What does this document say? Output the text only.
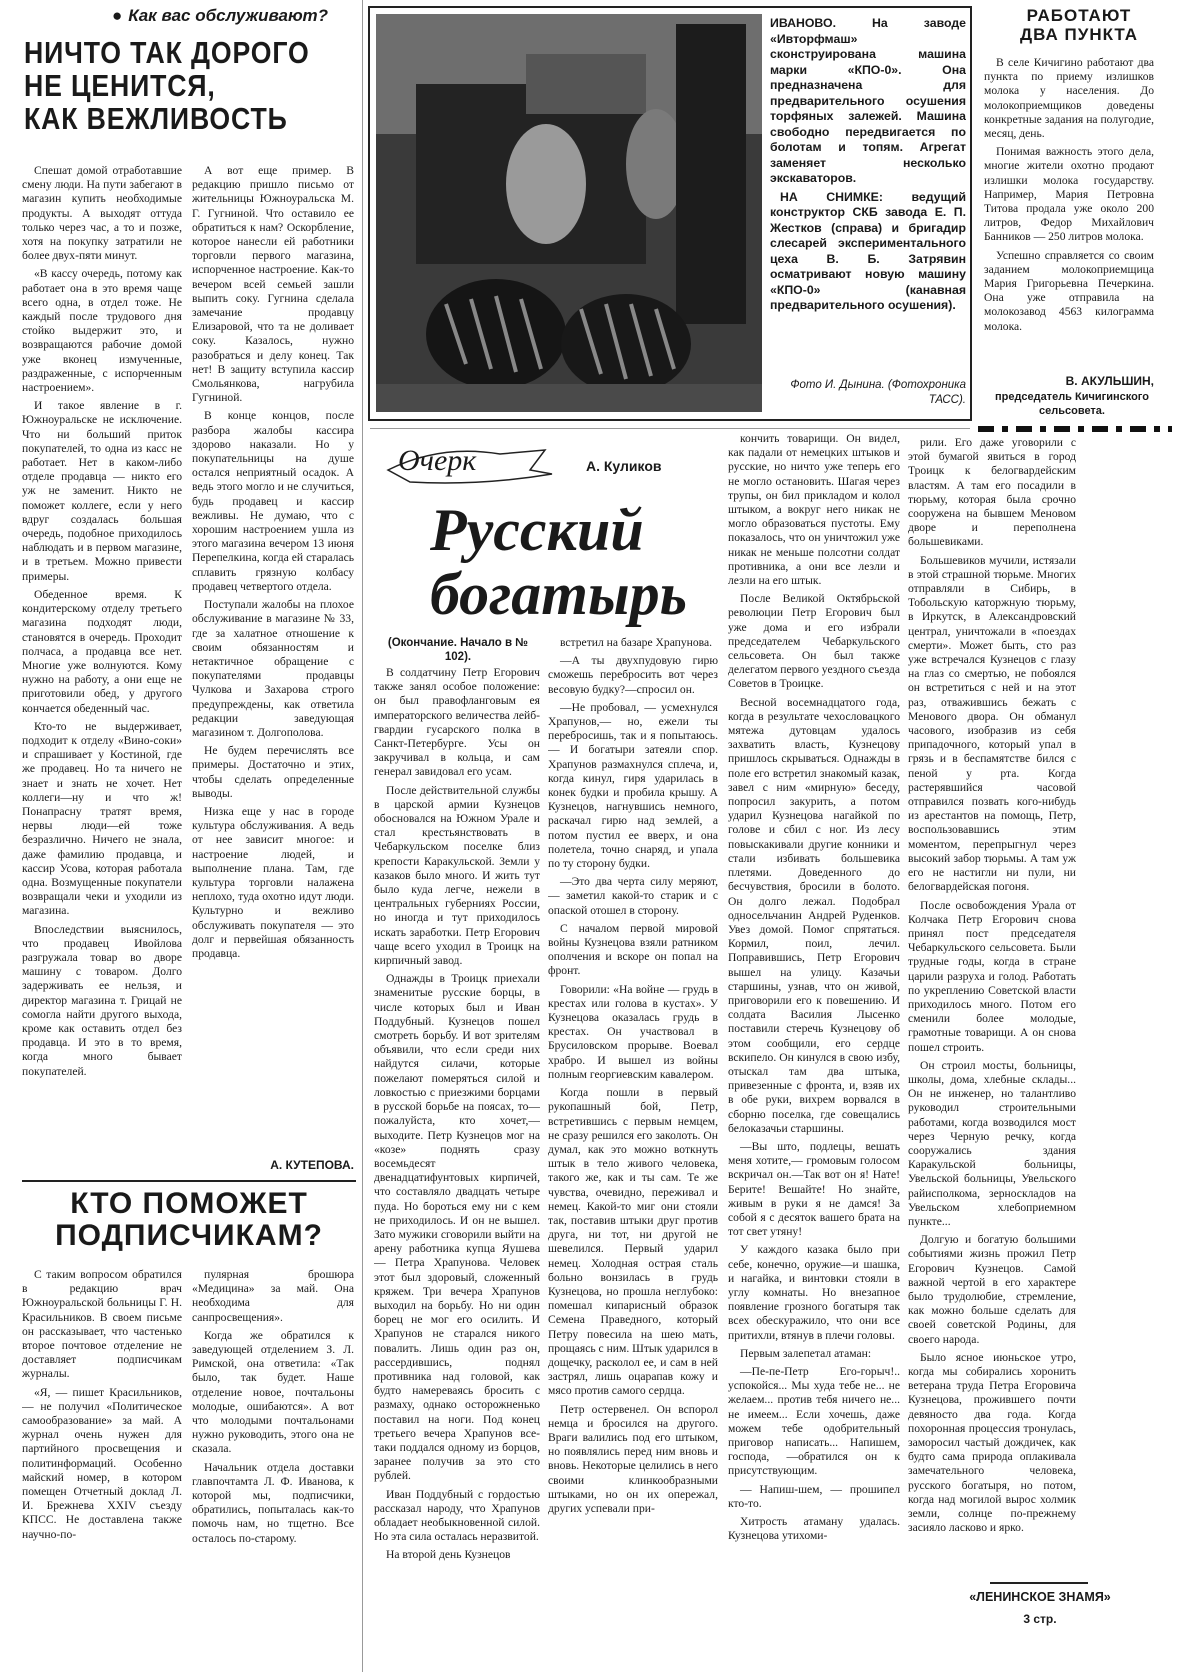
● Как вас обслуживают?
НИЧТО ТАК ДОРОГО
НЕ ЦЕНИТСЯ,
КАК ВЕЖЛИВОСТЬ

Спешат домой отработавшие смену люди. На пути забегают в магазин купить необходимые продукты. А выходят оттуда только через час, а то и позже, хотя на покупку затратили не более двух-пяти минут.

«В кассу очередь, потому как работает она в это время чаще всего одна, в отдел тоже. Не каждый после трудового дня стойко выдержит это, и возвращаются рабочие домой уже вконец измученные, раздраженные, с испорченным настроением».

И такое явление в г. Южноуральске не исключение. Что ни больший приток покупателей, то одна из касс не работает. Нет в каком-либо отделе продавца — никто его уж не заменит. Никто не поможет коллеге, если у него вдруг создалась большая очередь, подобное приходилось наблюдать и в первом магазине, и в третьем. Можно привести примеры.

Обеденное время. К кондитерскому отделу третьего магазина подходят люди, становятся в очередь. Проходит полчаса, а продавца все нет. Многие уже волнуются. Кому нужно на работу, а они еще не приготовили обед, у другого кончается обеденный час.

Кто-то не выдерживает, подходит к отделу «Вино-соки» и спрашивает у Костиной, где же продавец. Но та ничего не знает и знать не хочет. Нет коллеги—ну и что ж! Понапрасну тратят время, нервы люди—ей тоже безразлично. Ничего не знала, даже фамилию продавца, и кассир Усова, которая работала одна. Возмущенные покупатели возвращали чеки и уходили из магазина.

Впоследствии выяснилось, что продавец Ивойлова разгружала товар во дворе машину с товаром. Долго задерживать ее нельзя, и директор магазина т. Грицай не сомогла найти другого выхода, кроме как оставить отдел без продавца. И это в то время, когда много бывает покупателей.

А вот еще пример. В редакцию пришло письмо от жительницы Южноуральска М. Г. Гугниной. Что оставило ее обратиться к нам? Оскорбление, которое нанесли ей работники торговли первого магазина, испорченное настроение. Как-то вечером всей семьей зашли выпить соку. Гугнина сделала замечание продавцу Елизаровой, что та не доливает соку. Казалось, нужно разобраться и делу конец. Так нет! В защиту вступила кассир Смольянкова, нагрубила Гугниной.

В конце концов, после разбора жалобы кассира здорово наказали. Но у покупательницы на душе остался неприятный осадок. А ведь этого могло и не случиться, будь продавец и кассир вежливы. Не думаю, что с хорошим настроением ушла из этого магазина вечером 13 июня Перепелкина, когда ей старалась сплавить грязную колбасу продавец четвертого отдела.

Поступали жалобы на плохое обслуживание в магазине № 33, где за халатное отношение к своим обязанностям и нетактичное обращение с покупателями продавцы Чулкова и Захарова строго предупреждены, как ответила редакции заведующая магазином т. Долгополова.

Не будем перечислять все примеры. Достаточно и этих, чтобы сделать определенные выводы.

Низка еще у нас в городе культура обслуживания. А ведь от нее зависит многое: и настроение людей, и выполнение плана. Там, где культура торговли налажена неплохо, туда охотно идут люди. Культурно и вежливо обслуживать покупателя — это долг и первейшая обязанность продавца.

А. КУТЕПОВА.
КТО ПОМОЖЕТ
ПОДПИСЧИКАМ?

С таким вопросом обратился в редакцию врач Южноуральской больницы Г. Н. Красильников. В своем письме он рассказывает, что частенько второе почтовое отделение не доставляет подписчикам журналы.

«Я, — пишет Красильников, — не получил «Политическое самообразование» за май. А журнал очень нужен для партийного просвещения и политинформаций. Особенно майский номер, в котором помещен Отчетный доклад Л. И. Брежнева XXIV съезду КПСС. Не доставлена также научно-по-

пулярная брошюра «Медицина» за май. Она необходима для санпросвещения».

Когда же обратился к заведующей отделением З. Л. Римской, она ответила: «Так было, так будет. Наше отделение новое, почтальоны молодые, ошибаются». А вот что молодыми почтальонами нужно руководить, этого она не сказала.

Начальник отдела доставки главпочтамта Л. Ф. Иванова, к которой мы, подписчики, обратились, попыталась как-то помочь нам, но тщетно. Все осталось по-старому.

ИВАНОВО. На заводе «Ивторфмаш» сконструирована машина марки «КПО-0». Она предназначена для предварительного осушения торфяных залежей. Машина свободно передвигается по болотам и топям. Агрегат заменяет несколько экскаваторов.

НА СНИМКЕ: ведущий конструктор СКБ завода Е. П. Жестков (справа) и бригадир слесарей экспериментального цеха В. Б. Затрявин осматривают новую машину «КПО-0» (канавная предварительного осушения).

Фото И. Дынина. (Фотохроника ТАСС).
РАБОТАЮТ
ДВА ПУНКТА

В селе Кичигино работают два пункта по приему излишков молока у населения. До молокоприемщиков доведены конкретные задания на полугодие, месяц, день.

Понимая важность этого дела, многие жители охотно продают излишки молока государству. Например, Мария Петровна Титова продала уже около 200 литров, Федор Михайлович Банников — 250 литров молока.

Успешно справляется со своим заданием молокоприемщица Мария Григорьевна Печеркина. Она уже отправила на молокозавод 4563 килограмма молока.

В. АКУЛЬШИН,
председатель Кичигинского сельсовета.
Очерк	А. Куликов
Русский
богатырь
(Окончание. Начало в № 102).

В солдатчину Петр Егорович также занял особое положение: он был правофланговым ея императорского величества лейб-гвардии гусарского полка в Санкт-Петербурге. Усы он закручивал в кольца, и сам генерал завидовал его усам.

После действительной службы в царской армии Кузнецов обосновался на Южном Урале и стал крестьянствовать в Чебаркульском поселке близ крепости Каракульской. Земли у казаков было много. И жить тут было куда легче, нежели в центральных губерниях России, но иногда и тут приходилось искать заработки. Петр Егорович чаще всего уходил в Троицк на кирпичный завод.

Однажды в Троицк приехали знаменитые русские борцы, в числе которых был и Иван Поддубный. Кузнецов пошел смотреть борьбу. И вот зрителям объявили, что если среди них найдутся силачи, которые пожелают померяться силой и ловкостью с приезжими борцами в русской борьбе на поясах, то—пожалуйста, кто хочет,—выходите. Петр Кузнецов мог на «козе» поднять сразу восемьдесят двенадцатифунтовых кирпичей, что составляло двадцать четыре пуда. Но бороться ему ни с кем не приходилось. И он не вышел. Зато мужики сговорили выйти на арену работника купца Яушева — Петра Храпунова. Человек этот был здоровый, сложенный кряжем. Три вечера Храпунов выходил на борьбу. Но ни один борец не мог его осилить. И Храпунов не старался никого повалить. Лишь один раз он, рассердившись, поднял противника над головой, как будто намереваясь бросить с размаху, однако осторожненько поставил на ноги. Под конец третьего вечера Храпунов все-таки поддался одному из борцов, заранее получив за это сто рублей.

Иван Поддубный с гордостью рассказал народу, что Храпунов обладает необыкновенной силой. Но эта сила осталась неразвитой.

На второй день Кузнецов

встретил на базаре Храпунова.

—А ты двухпудовую гирю сможешь перебросить вот через весовую будку?—спросил он.

—Не пробовал, — усмехнулся Храпунов,— но, ежели ты перебросишь, так и я попытаюсь. — И богатыри затеяли спор. Храпунов размахнулся сплеча, и, когда кинул, гиря ударилась в конек будки и пробила крышу. А Кузнецов, нагнувшись немного, раскачал гирю над землей, а потом пустил ее вверх, и она полетела, точно снаряд, и упала по ту сторону будки.

—Это два черта силу меряют, — заметил какой-то старик и с опаской отошел в сторону.

С началом первой мировой войны Кузнецова взяли ратником ополчения и вскоре он попал на фронт.

Говорили: «На войне — грудь в крестах или голова в кустах». У Кузнецова оказалась грудь в крестах. Он участвовал в Брусиловском прорыве. Воевал храбро. И вышел из войны полным георгиевским кавалером.

Когда пошли в первый рукопашный бой, Петр, встретившись с первым немцем, не сразу решился его заколоть. Он думал, как это можно воткнуть штык в тело живого человека, такого же, как и ты сам. Те же чувства, очевидно, переживал и немец. Какой-то миг они стояли так, поставив штыки друг против друга, ни тот, ни другой не шевелился. Первый ударил немец. Холодная острая сталь больно вонзилась в грудь Кузнецова, но прошла неглубоко: помешал кипарисный образок Семена Праведного, который Петру повесила на шею мать, прощаясь с ним. Штык ударился в дощечку, расколол ее, и сам в ней застрял, лишь оцарапав кожу и мясо против самого сердца.

Петр остервенел. Он вспорол немца и бросился на другого. Враги валились под его штыком, но появлялись перед ним вновь и вновь. Некоторые целились в него своими клинкообразными штыками, но он их опережал, других успевали при-

кончить товарищи. Он видел, как падали от немецких штыков и русские, но ничто уже теперь его не могло остановить. Шагая через трупы, он бил прикладом и колол штыком, а вокруг него никак не могло образоваться пустоты. Ему показалось, что он уничтожил уже никак не меньше полсотни солдат противника, а они все лезли и лезли на его штык.

После Великой Октябрьской революции Петр Егорович был уже дома и его избрали председателем Чебаркульского сельсовета. Он был также делегатом первого уездного съезда Советов в Троицке.

Весной восемнадцатого года, когда в результате чехословацкого мятежа дутовцам удалось захватить власть, Кузнецову пришлось скрываться. Однажды в поле его встретил знакомый казак, завел с ним «мирную» беседу, попросил закурить, а потом ударил Кузнецова нагайкой по голове и сбил с ног. Из лесу повыскакивали другие конники и стали избивать большевика плетями. Доведенного до бесчувствия, бросили в болото. Он долго лежал. Подобрал односельчанин Андрей Руденков. Увез домой. Помог спрятаться. Кормил, поил, лечил. Поправившись, Петр Егорович вышел на улицу. Казачьи старшины, узнав, что он живой, приговорили его к повешению. И солдата Василия Лысенко поставили стеречь Кузнецову об этом сообщили, его сердце вскипело. Он кинулся в свою избу, отыскал там два штыка, привезенные с фронта, и, взяв их в обе руки, вихрем ворвался в сборню поселка, где совещались белоказачьи старшины.

—Вы што, подлецы, вешать меня хотите,— громовым голосом вскричал он.—Так вот он я! Нате! Берите! Вешайте! Но знайте, живым в руки я не дамся! За собой я с десяток вашего брата на тот свет утяну!

У каждого казака было при себе, конечно, оружие—и шашка, и нагайка, и винтовки стояли в углу комнаты. Но внезапное появление грозного богатыря так всех обескуражило, что они все притихли, втянув в плечи головы.

Первым залепетал атаман:

—Пе-пе-Петр Его-горыч!.. успокойся... Мы худа тебе не... не желаем... против тебя ничего не... не имеем... Если хочешь, даже можем тебе одобрительный приговор написать... Напишем, господа, —обратился он к присутствующим.

— Напиш-шем, — прошипел кто-то.

Хитрость атаману удалась. Кузнецова утихоми-

рили. Его даже уговорили с этой бумагой явиться в город Троицк к белогвардейским властям. А там его посадили в тюрьму, которая была срочно сооружена на бывшем Меновом дворе и переполнена большевиками.

Большевиков мучили, истязали в этой страшной тюрьме. Многих отправляли в Сибирь, в Тобольскую каторжную тюрьму, в Иркутск, в Александровский централ, уничтожали в «поездах смерти». Может быть, сто раз уже встречался Кузнецов с глазу на глаз со смертью, не побоялся он встретиться с ней и на этот раз, отважившись бежать с Менового двора. Он обманул часового, изобразив из себя припадочного, который упал в грязь и в беспамятстве бился с пеной у рта. Когда растерявшийся часовой отправился позвать кого-нибудь из арестантов на помощь, Петр, воспользовавшись этим моментом, перепрыгнул через высокий забор тюрьмы. А там уж его не настигли ни пули, ни белогвардейская погоня.

После освобождения Урала от Колчака Петр Егорович снова принял пост председателя Чебаркульского сельсовета. Были трудные годы, когда в стране царили разруха и голод. Работать по укреплению Советской власти приходилось много. Потом его сменили более молодые, грамотные товарищи. А он снова пошел строить.

Он строил мосты, больницы, школы, дома, хлебные склады... Он не инженер, но талантливо руководил строительными работами, когда возводился мост через Черную речку, когда сооружались здания Каракульской больницы, Увельской больницы, Увельского райисполкома, зерноскладов на Увельском хлебоприемном пункте...

Долгую и богатую большими событиями жизнь прожил Петр Егорович Кузнецов. Самой важной чертой в его характере было трудолюбие, стремление, как можно больше сделать для своей советской Родины, для своего народа.

Было ясное июньское утро, когда мы собирались хоронить ветерана труда Петра Егоровича Кузнецова, прожившего почти девяносто два года. Когда похоронная процессия тронулась, заморосил частый дождичек, как будто сама природа оплакивала замечательного человека, русского богатыря, но потом, когда над могилой вырос холмик земли, солнце по-прежнему засияло ласково и ярко.

«ЛЕНИНСКОЕ ЗНАМЯ»
3 стр.
